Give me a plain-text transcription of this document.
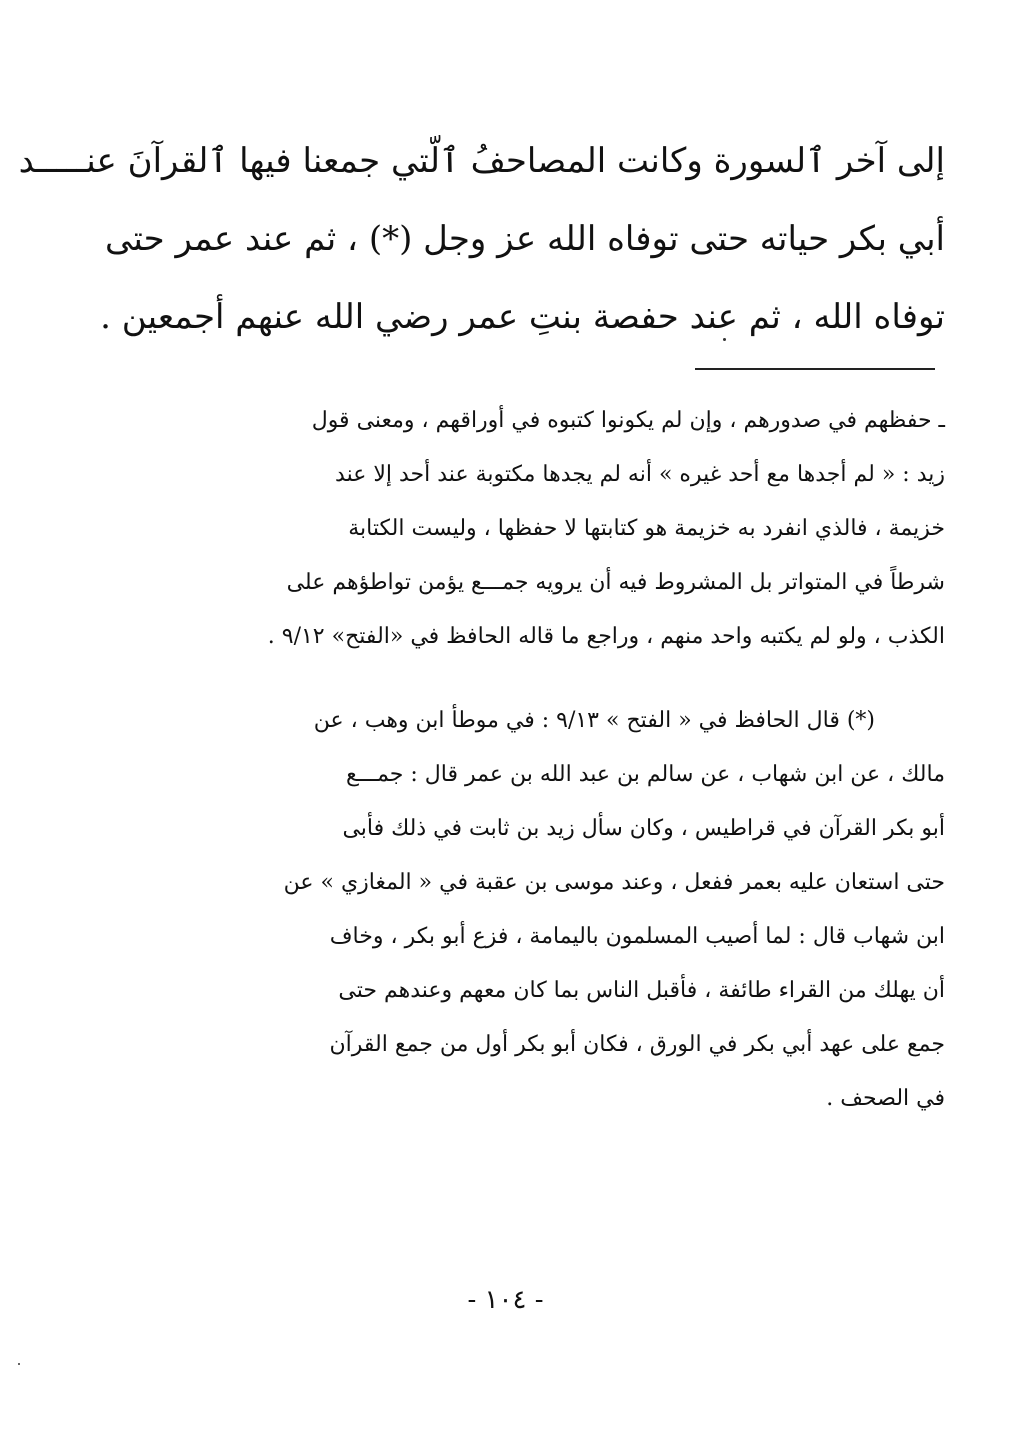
إلى آخر ٱلسورة وكانت المصاحفُ ٱلّتي جمعنا فيها ٱلقرآنَ عنـــــد
أبي بكر حياته حتى توفاه الله عز وجل (*) ، ثم عند عمر حتى
توفاه الله ، ثم عند حفصة بنتِ عمر رضي الله عنهم أجمعين .
ـ حفظهم في صدورهم ، وإن لم يكونوا كتبوه في أوراقهم ، ومعنى قول
زيد : « لم أجدها مع أحد غيره » أنه لم يجدها مكتوبة عند أحد إلا عند
خزيمة ، فالذي انفرد به خزيمة هو كتابتها لا حفظها ، وليست الكتابة
شرطاً في المتواتر بل المشروط فيه أن يرويه جمـــع يؤمن تواطؤهم على
الكذب ، ولو لم يكتبه واحد منهم ، وراجع ما قاله الحافظ في «الفتح» ٩/١٢ .
(*) قال الحافظ في « الفتح » ٩/١٣ : في موطأ ابن وهب ، عن
مالك ، عن ابن شهاب ، عن سالم بن عبد الله بن عمر قال : جمـــع
أبو بكر القرآن في قراطيس ، وكان سأل زيد بن ثابت في ذلك فأبى
حتى استعان عليه بعمر ففعل ، وعند موسى بن عقبة في « المغازي » عن
ابن شهاب قال : لما أصيب المسلمون باليمامة ، فزع أبو بكر ، وخاف
أن يهلك من القراء طائفة ، فأقبل الناس بما كان معهم وعندهم حتى
جمع على عهد أبي بكر في الورق ، فكان أبو بكر أول من جمع القرآن
في الصحف .
- ١٠٤ -
